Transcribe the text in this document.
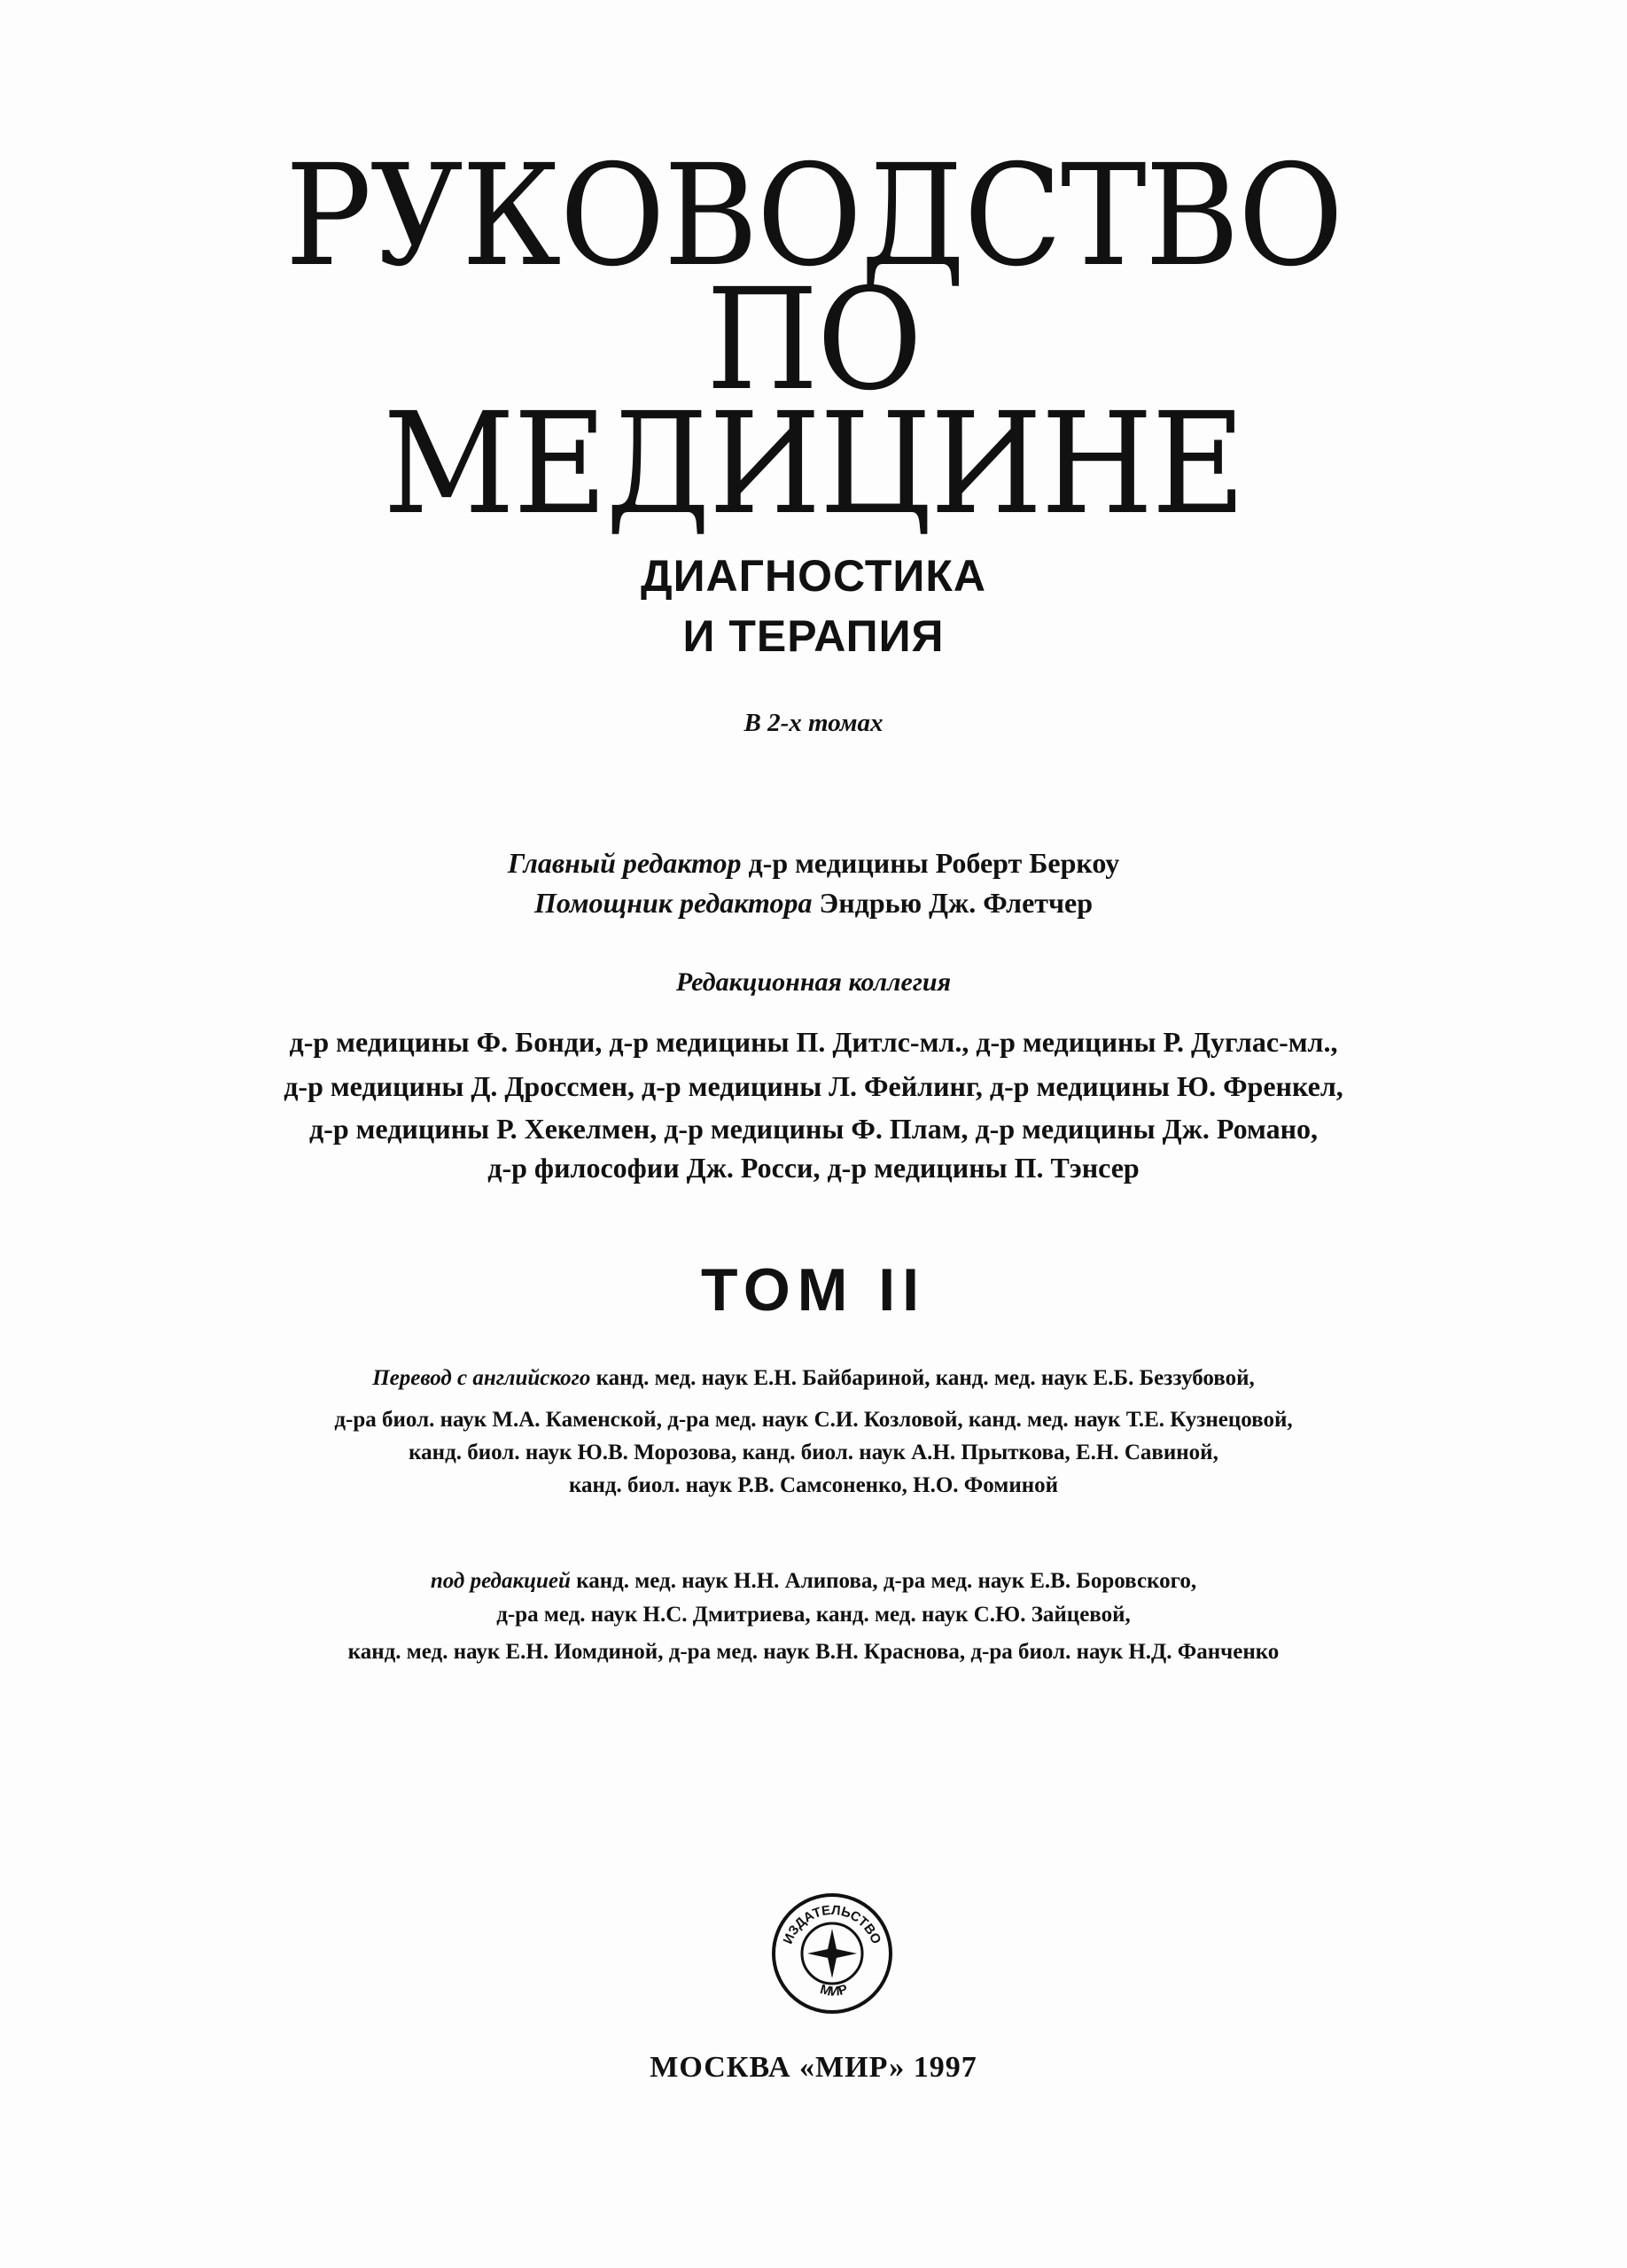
РУКОВОДСТВО
ПО
МЕДИЦИНЕ
ДИАГНОСТИКА
И ТЕРАПИЯ
В 2-х томах
Главный редактор д-р медицины Роберт Беркоу
Помощник редактора Эндрью Дж. Флетчер
Редакционная коллегия
д-р медицины Ф. Бонди, д-р медицины П. Дитлс-мл., д-р медицины Р. Дуглас-мл.,
д-р медицины Д. Дроссмен, д-р медицины Л. Фейлинг, д-р медицины Ю. Френкел,
д-р медицины Р. Хекелмен, д-р медицины Ф. Плам, д-р медицины Дж. Романо,
д-р философии Дж. Росси, д-р медицины П. Тэнсер
ТОМ II
Перевод с английского канд. мед. наук Е.Н. Байбариной, канд. мед. наук Е.Б. Беззубовой,
д-ра биол. наук М.А. Каменской, д-ра мед. наук С.И. Козловой, канд. мед. наук Т.Е. Кузнецовой,
канд. биол. наук Ю.В. Морозова, канд. биол. наук А.Н. Прыткова, Е.Н. Савиной,
канд. биол. наук Р.В. Самсоненко, Н.О. Фоминой
под редакцией канд. мед. наук Н.Н. Алипова, д-ра мед. наук Е.В. Боровского,
д-ра мед. наук Н.С. Дмитриева, канд. мед. наук С.Ю. Зайцевой,
канд. мед. наук Е.Н. Иомдиной, д-ра мед. наук В.Н. Краснова, д-ра биол. наук Н.Д. Фанченко
ИЗДАТЕЛЬСТВО
МИР
МОСКВА «МИР» 1997
